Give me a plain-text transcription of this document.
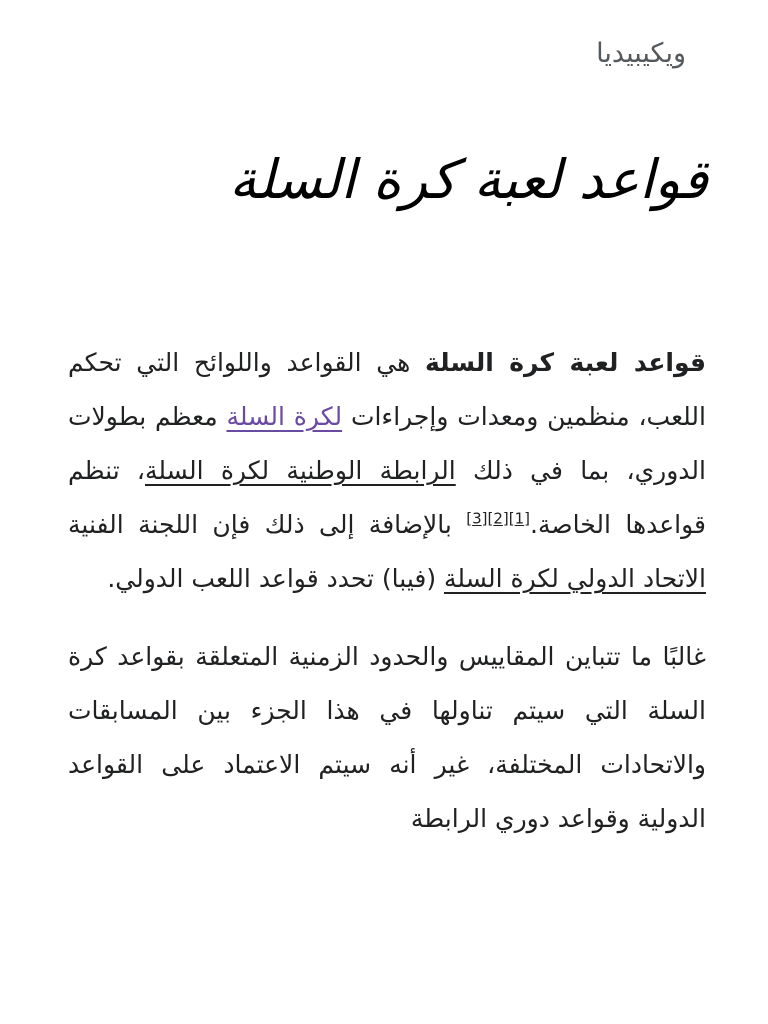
ويكيبيديا
قواعد لعبة كرة السلة

قواعد لعبة كرة السلة هي القواعد واللوائح التي تحكم اللعب، منظمين ومعدات وإجراءات لكرة السلة معظم بطولات الدوري، بما في ذلك الرابطة الوطنية لكرة السلة، تنظم قواعدها الخاصة.[1][2][3] بالإضافة إلى ذلك فإن اللجنة الفنية الاتحاد الدولي لكرة السلة (فيبا) تحدد قواعد اللعب الدولي.

غالبًا ما تتباين المقاييس والحدود الزمنية المتعلقة بقواعد كرة السلة التي سيتم تناولها في هذا الجزء بين المسابقات والاتحادات المختلفة، غير أنه سيتم الاعتماد على القواعد الدولية وقواعد دوري الرابطة
